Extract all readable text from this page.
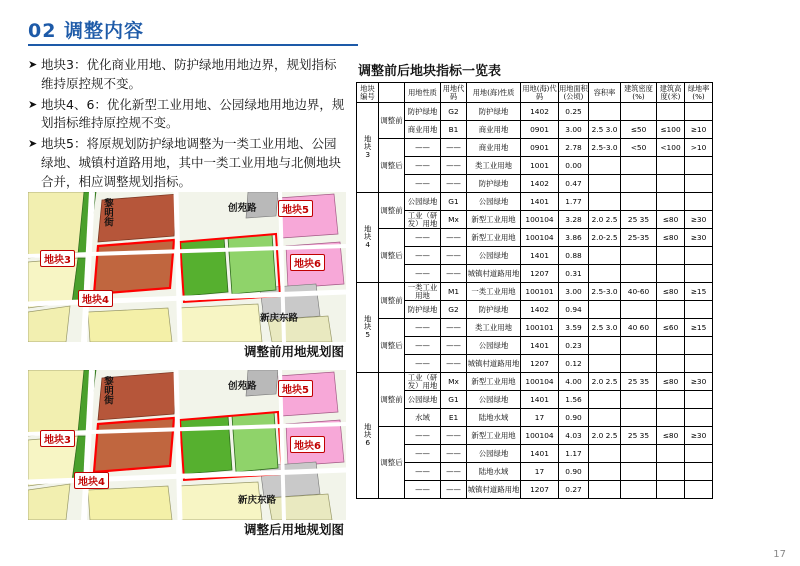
02 调整内容
➤ 地块3：优化商业用地、防护绿地用地边界，规划指标维持原控规不变。
➤ 地块4、6：优化新型工业用地、公园绿地用地边界，规划指标维持原控规不变。
➤ 地块5：将原规划防护绿地调整为一类工业用地、公园绿地、城镇村道路用地，其中一类工业用地与北侧地块合并，相应调整规划指标。
黎明街	创苑路
新庆东路
地块3
地块4
地块5
地块6
调整前用地规划图
黎明街	创苑路
新庆东路
地块3
地块4
地块5
地块6
调整后用地规划图
调整前后地块指标一览表
地块编号		用地性质	用地代码	用地(海)性质	用地(海)代码	用地面积(公顷)	容积率	建筑密度(%)	建筑高度(米)	绿地率(%)
地块3	调整前	防护绿地	G2	防护绿地	1402	0.25				
		商业用地	B1	商业用地	0901	3.00	2.5 3.0	≤50	≤100	≥10
	调整后	——	——	商业用地	0901	2.78	2.5-3.0	<50	<100	>10
		——	——	类工业用地	1001	0.00				
		——	——	防护绿地	1402	0.47				
地块4	调整前	公园绿地	G1	公园绿地	1401	1.77				
		工业（研发）用地	Mx	新型工业用地	100104	3.28	2.0 2.5	25 35	≤80	≥30
	调整后	——	——	新型工业用地	100104	3.86	2.0-2.5	25-35	≤80	≥30
		——	——	公园绿地	1401	0.88				
		——	——	城镇村道路用地	1207	0.31				
地块5	调整前	一类工业用地	M1	一类工业用地	100101	3.00	2.5-3.0	40-60	≤80	≥15
		防护绿地	G2	防护绿地	1402	0.94				
	调整后	——	——	类工业用地	100101	3.59	2.5 3.0	40 60	≤60	≥15
		——	——	公园绿地	1401	0.23				
		——	——	城镇村道路用地	1207	0.12				
地块6	调整前	工业（研发）用地	Mx	新型工业用地	100104	4.00	2.0 2.5	25 35	≤80	≥30
		公园绿地	G1	公园绿地	1401	1.56				
		水域	E1	陆地水域	17	0.90				
	调整后	——	——	新型工业用地	100104	4.03	2.0 2.5	25 35	≤80	≥30
		——	——	公园绿地	1401	1.17				
		——	——	陆地水域	17	0.90				
		——	——	城镇村道路用地	1207	0.27				
17
